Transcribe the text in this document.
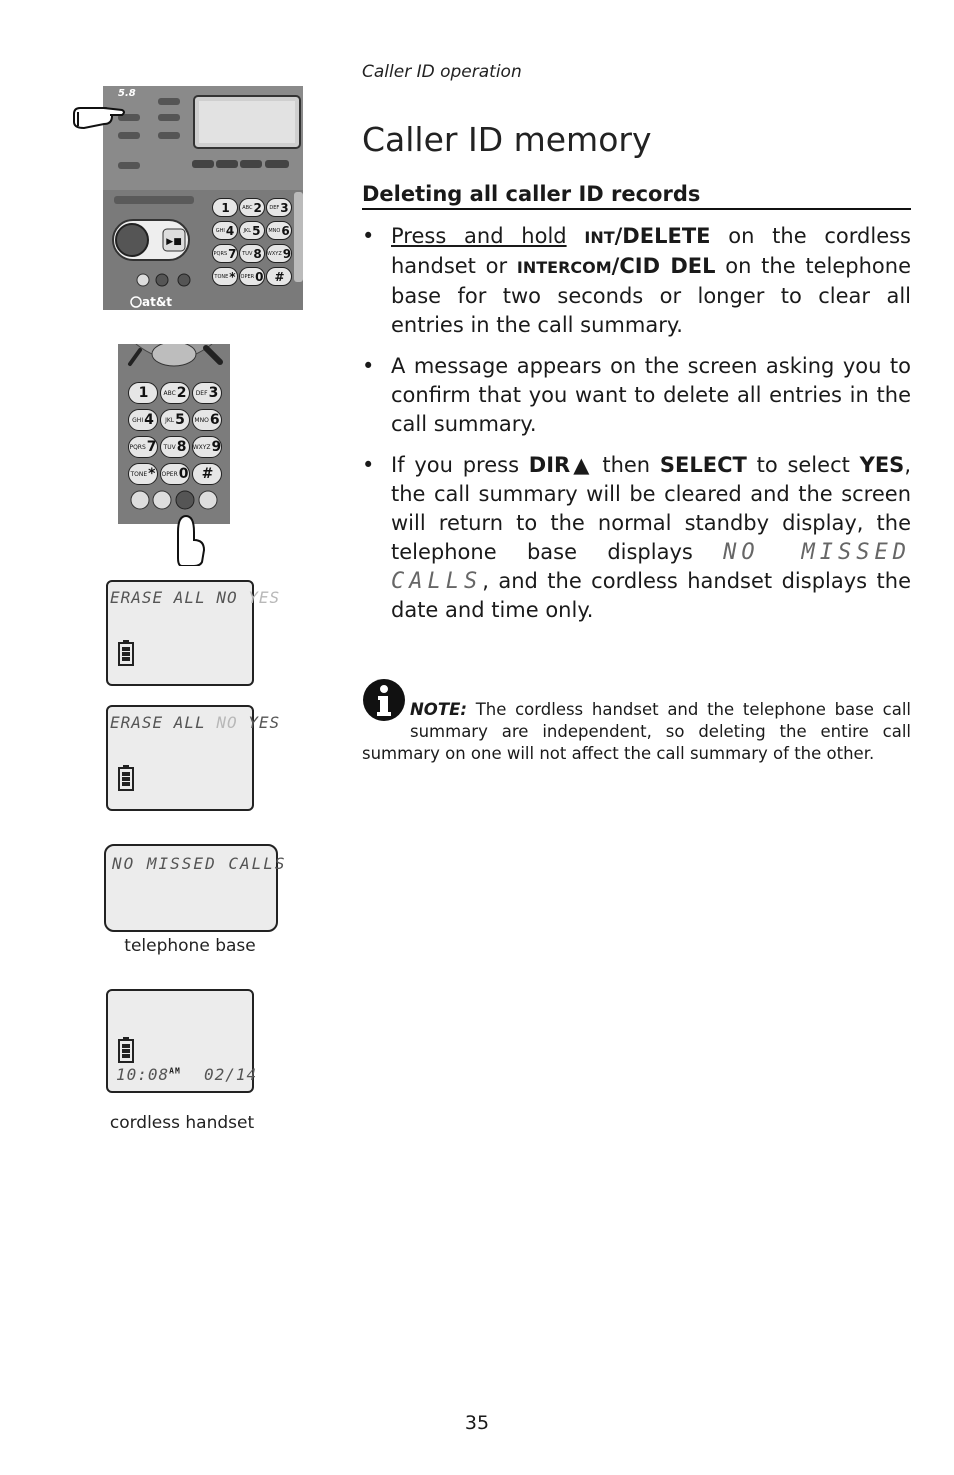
▶■
at&t
5.8
1	ABC 2 DEF 3
GHI 4 JKL 5 MNO 6
PQRS 7 TUV 8 WXYZ 9
TONE * OPER 0 #
1	ABC 2 DEF 3
GHI 4 JKL 5 MNO 6
PQRS 7 TUV 8 WXYZ 9
TONE * OPER 0 #
ERASE ALL NO YES
ERASE ALL NO YES
NO MISSED CALLS
telephone base
$10:08^{AM}$ 02/14
cordless handset
Caller ID operation
Caller ID memory
Deleting all caller ID records
• Press and hold INT/DELETE on the cordless handset or INTERCOM/CID DEL on the telephone base for two seconds or longer to clear all entries in the call summary.
• A message appears on the screen asking you to confirm that you want to delete all entries in the call summary.
• If you press DIR▲ then SELECT to select YES, the call summary will be cleared and the screen will return to the normal standby display, the telephone base displays NO MISSED CALLS, and the cordless handset displays the date and time only.
NOTE: The cordless handset and the telephone base call summary are independent, so deleting the entire call summary on one will not affect the call summary of the other.
35
